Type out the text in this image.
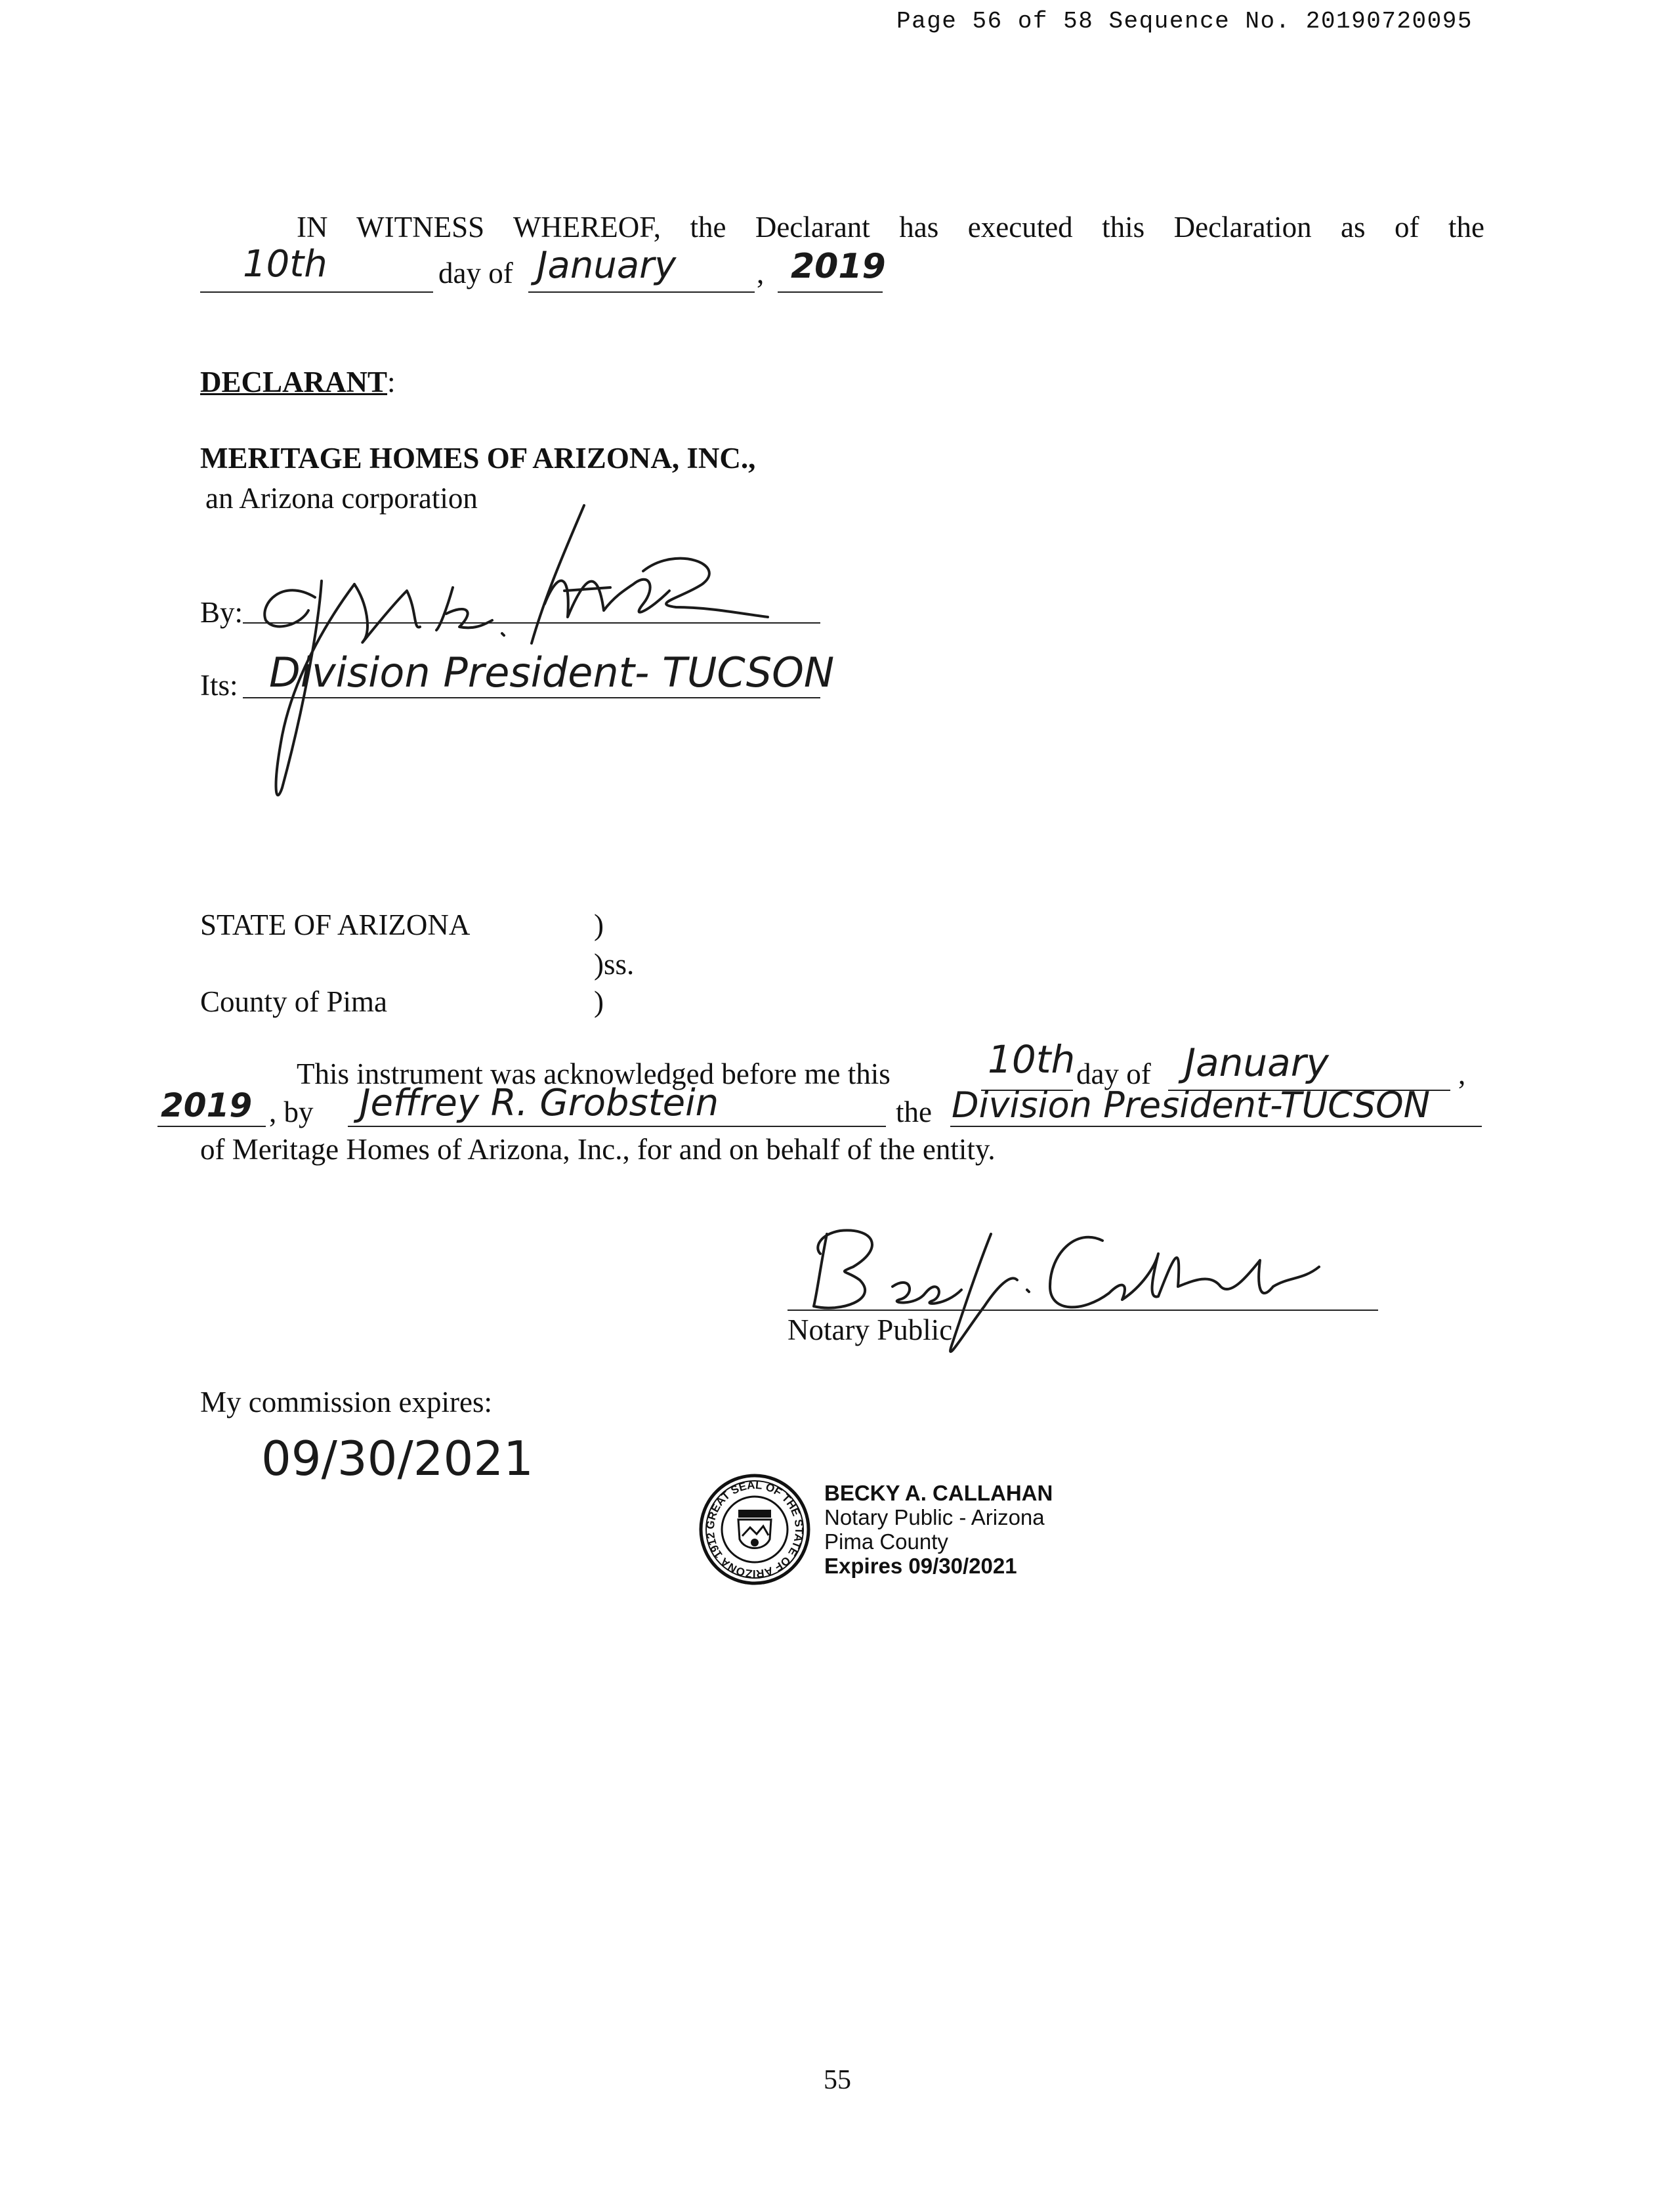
Page 56 of 58 Sequence No. 20190720095
IN WITNESS WHEREOF, the Declarant has executed this Declaration as of the
10th	day of January	, 2019
DECLARANT:
MERITAGE HOMES OF ARIZONA, INC.,
an Arizona corporation
By:
Its: Division President- TUCSON
STATE OF ARIZONA	)
)ss.
County of Pima	)
This instrument was acknowledged before me this	10th day of January	,
2019 , by Jeffrey R. Grobstein	the Division President-TUCSON
of Meritage Homes of Arizona, Inc., for and on behalf of the entity.
Notary Public
My commission expires:
09/30/2021
GREAT SEAL OF THE STATE OF ARIZONA 1912
BECKY A. CALLAHAN
Notary Public - Arizona
Pima County
Expires 09/30/2021
55
